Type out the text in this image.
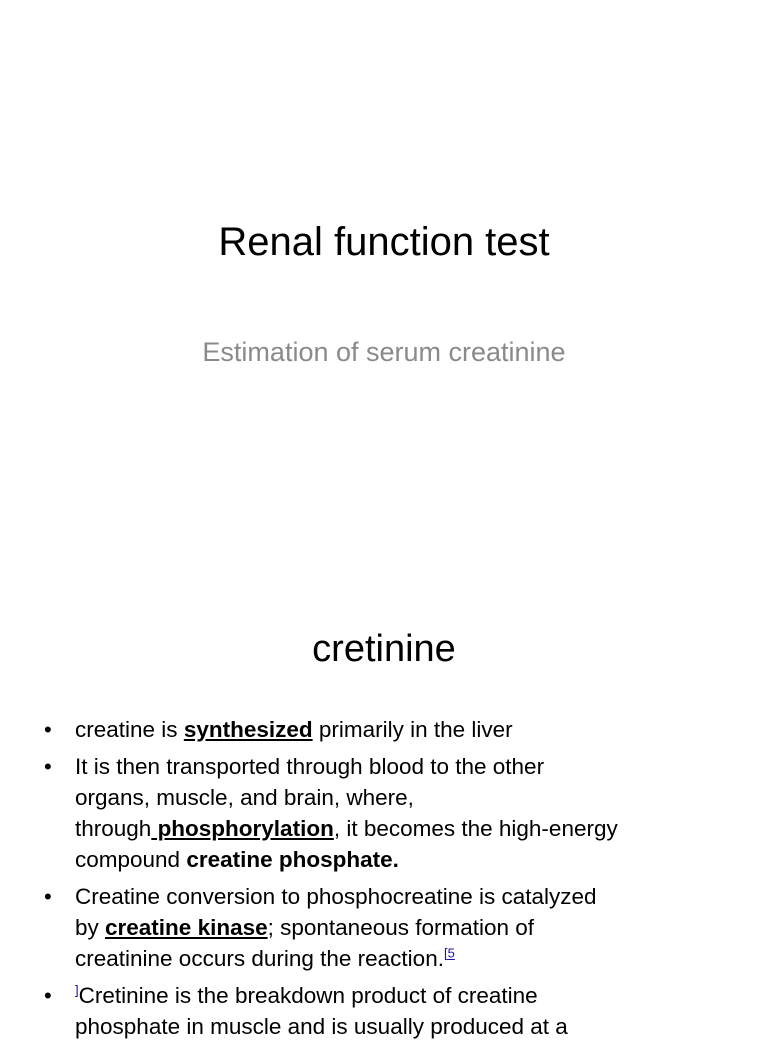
Renal function test
Estimation of serum creatinine
cretinine
• creatine is synthesized primarily in the liver
• It is then transported through blood to the other
organs, muscle, and brain, where,
through phosphorylation, it becomes the high-energy
compound creatine phosphate.
• Creatine conversion to phosphocreatine is catalyzed
by creatine kinase; spontaneous formation of
creatinine occurs during the reaction.$^{[5}$
• ]Cretinine is the breakdown product of creatine
phosphate in muscle and is usually produced at a
